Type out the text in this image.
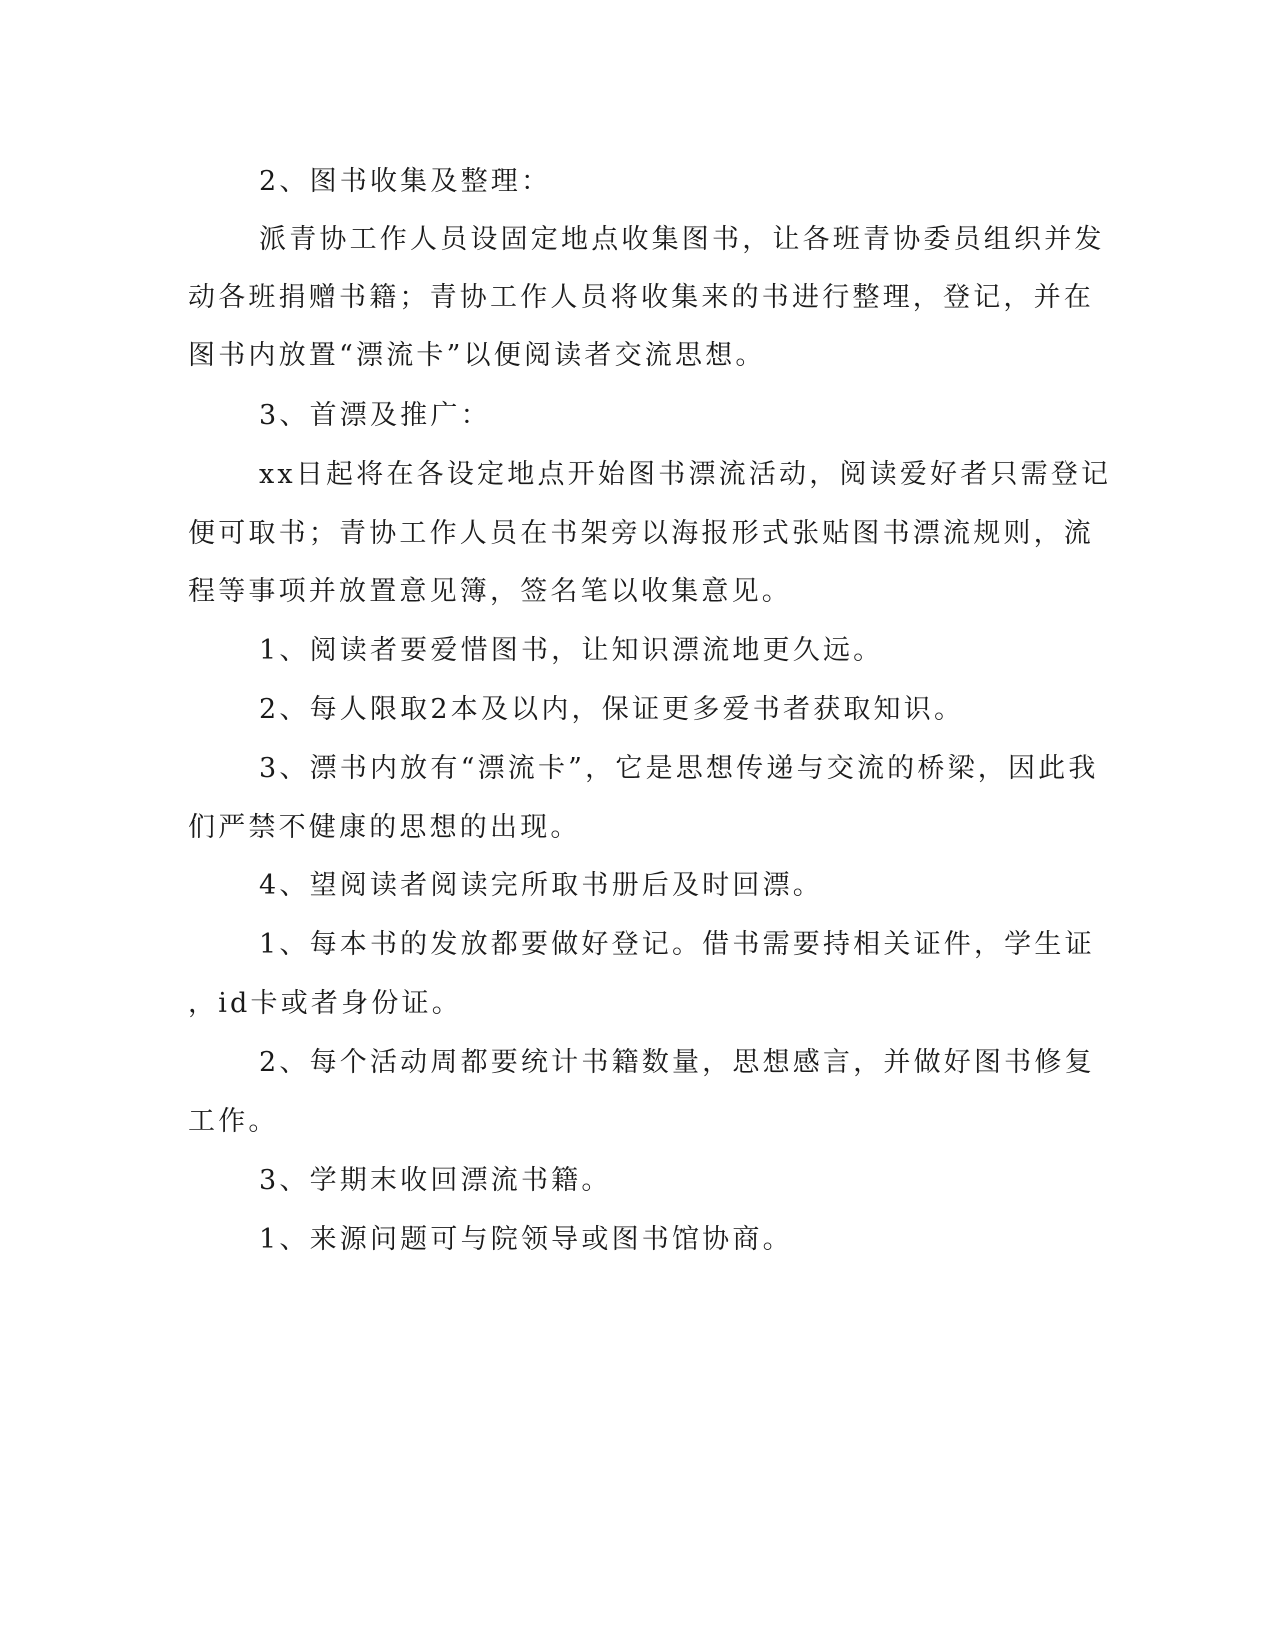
2、图书收集及整理：
派青协工作人员设固定地点收集图书，让各班青协委员组织并发
动各班捐赠书籍；青协工作人员将收集来的书进行整理，登记，并在
图书内放置“漂流卡”以便阅读者交流思想。
3、首漂及推广：
xx日起将在各设定地点开始图书漂流活动，阅读爱好者只需登记
便可取书；青协工作人员在书架旁以海报形式张贴图书漂流规则，流
程等事项并放置意见簿，签名笔以收集意见。
1、阅读者要爱惜图书，让知识漂流地更久远。
2、每人限取2本及以内，保证更多爱书者获取知识。
3、漂书内放有“漂流卡”，它是思想传递与交流的桥梁，因此我
们严禁不健康的思想的出现。
4、望阅读者阅读完所取书册后及时回漂。
1、每本书的发放都要做好登记。借书需要持相关证件，学生证
，id卡或者身份证。
2、每个活动周都要统计书籍数量，思想感言，并做好图书修复
工作。
3、学期末收回漂流书籍。
1、来源问题可与院领导或图书馆协商。
